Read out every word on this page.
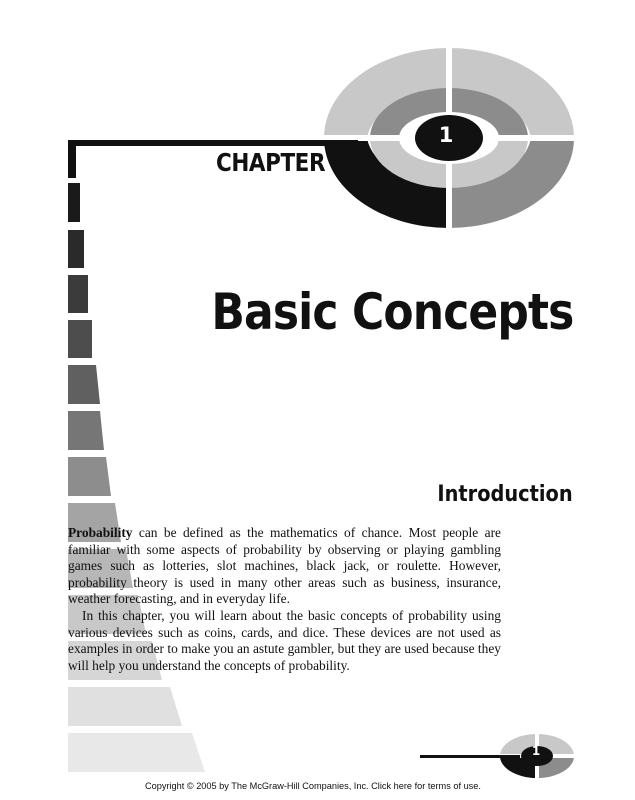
CHAPTER
1
Basic Concepts
Introduction

Probability can be defined as the mathematics of chance. Most people are familiar with some aspects of probability by observing or playing gambling games such as lotteries, slot machines, black jack, or roulette. However, probability theory is used in many other areas such as business, insurance, weather forecasting, and in everyday life.

In this chapter, you will learn about the basic concepts of probability using various devices such as coins, cards, and dice. These devices are not used as examples in order to make you an astute gambler, but they are used because they will help you understand the concepts of probability.

1
Copyright © 2005 by The McGraw-Hill Companies, Inc. Click here for terms of use.
